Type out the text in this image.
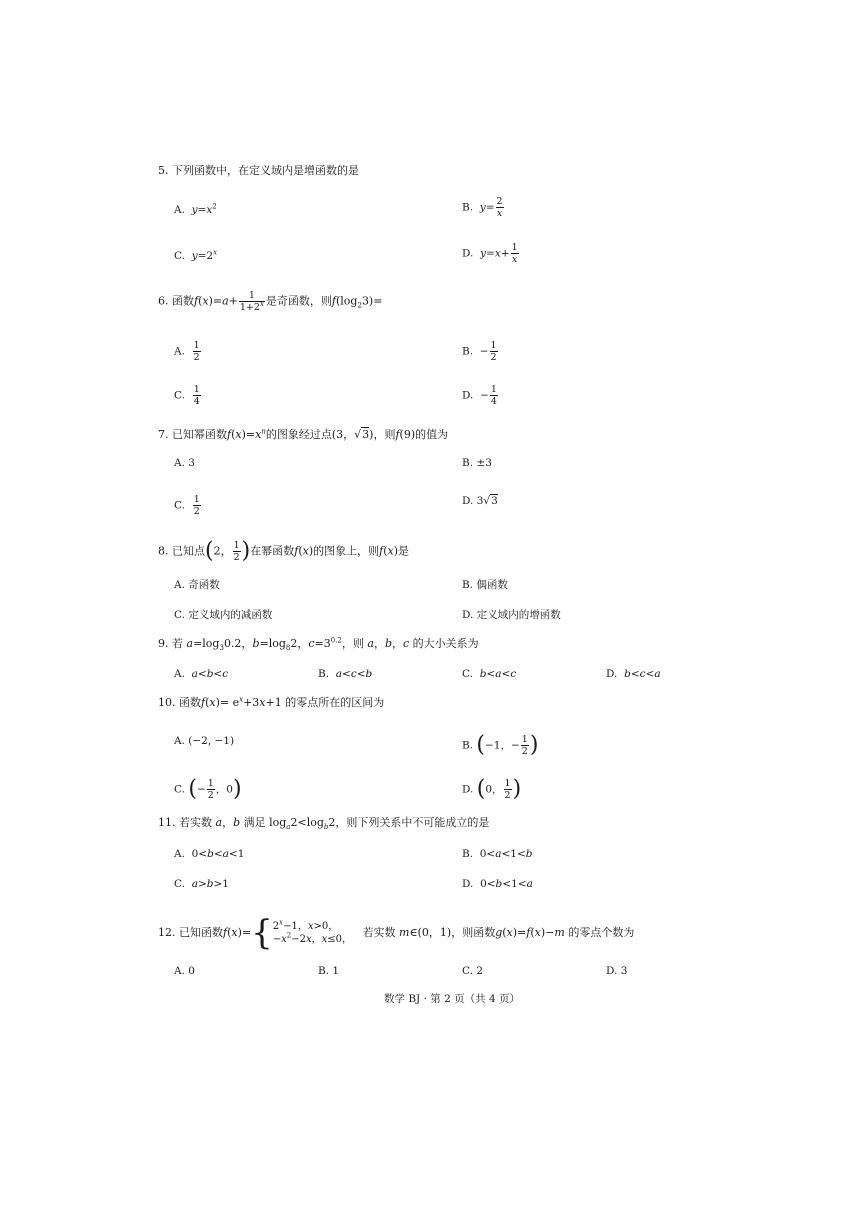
5. 下列函数中，在定义域内是增函数的是
A. $y=x^2$	B. $y= \frac{2}{x}$
C. $y=2^x$	D. $y=x+ \frac{1}{x}$
6. 函数$f(x)=a+ \frac{1}{1+2^x}$ 是奇函数，则$f(\log_23)=$
A. $\frac{1}{2}$	B.  − $\frac{1}{2}$
C. $\frac{1}{4}$	D.  − $\frac{1}{4}$
7. 已知幂函数$f(x)=x^n$的图象经过点(3，√3)，则f(9)的值为
A. 3	B. ±3
C. $\frac{1}{2}$	D. 3√3
8. 已知点(2， $\frac{1}{2}$ )在幂函数f(x)的图象上，则f(x)是
A. 奇函数	B. 偶函数
C. 定义域内的减函数	D. 定义域内的增函数
9. 若 $a=\log_30.2$，$b=\log_82$，$c=3^{0.2}$，则 a，b，c 的大小关系为
A. a<b<c	B. a<c<b	C. b<a<c	D. b<c<a
10. 函数$f(x)= e^x+3x+1$ 的零点所在的区间为
A. (−2, −1)	B. (−1，− $\frac{1}{2}$ )
C. (− $\frac{1}{2}$ ，0)	D. (0， $\frac{1}{2}$ )
11. 若实数 a，b 满足 $\log_a2<\log_b2$，则下列关系中不可能成立的是
A.  0<b<a<1	B.  0<a<1<b
C. a>b>1	D.  0<b<1<a
12. 已知函数$f(x)=\{2^x-1$，x>0，
$-x^2-2x$，x≤0，   若实数 m∈(0，1)，则函数g(x)=f(x)−m 的零点个数为
A. 0	B. 1	C. 2	D. 3
数学 BJ · 第 2 页（共 4 页）
